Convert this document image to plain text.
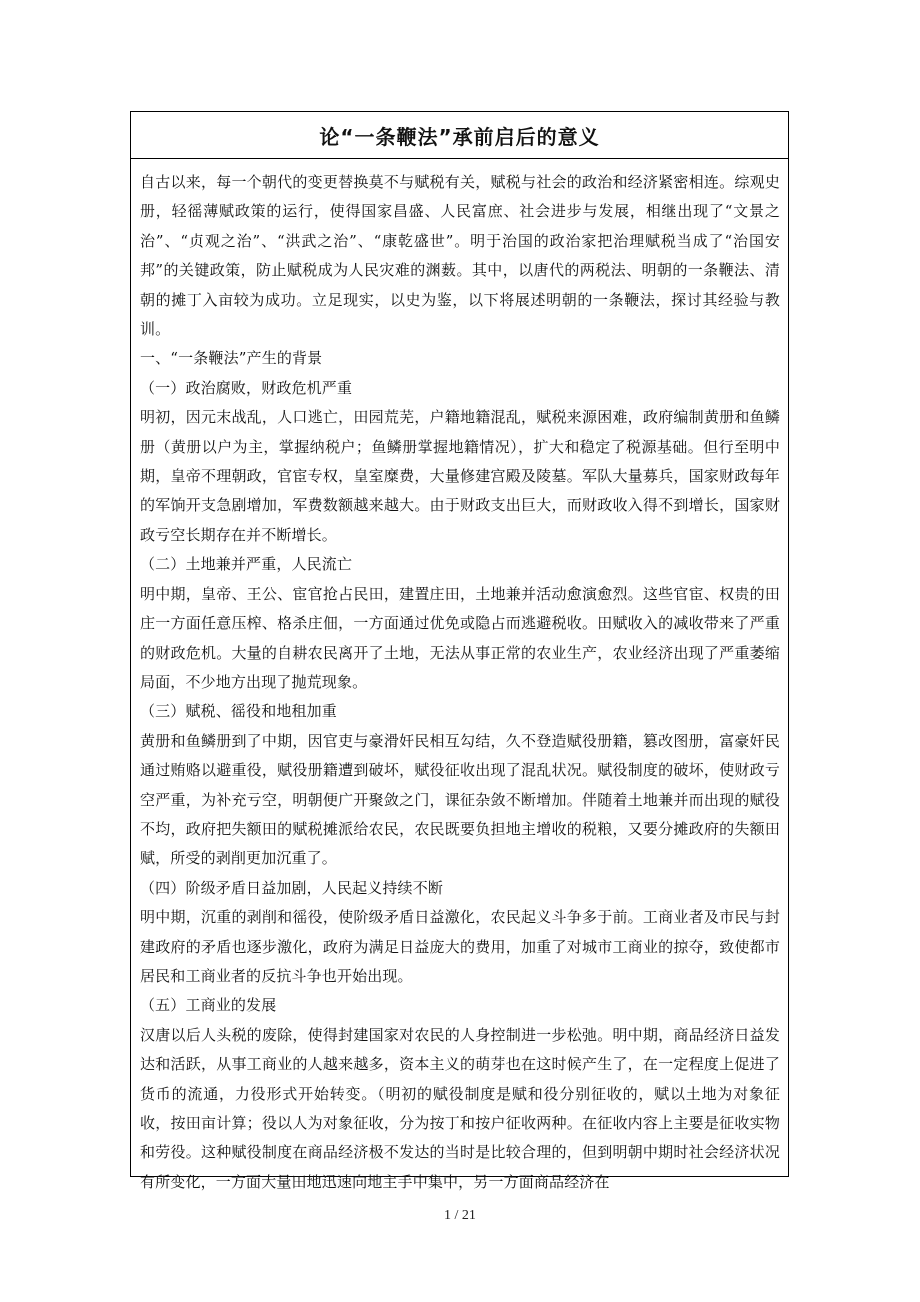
论“一条鞭法”承前启后的意义

自古以来，每一个朝代的变更替换莫不与赋税有关，赋税与社会的政治和经济紧密相连。综观史册，轻徭薄赋政策的运行，使得国家昌盛、人民富庶、社会进步与发展，相继出现了“文景之治”、“贞观之治”、“洪武之治”、“康乾盛世”。明于治国的政治家把治理赋税当成了“治国安邦”的关键政策，防止赋税成为人民灾难的渊薮。其中，以唐代的两税法、明朝的一条鞭法、清朝的摊丁入亩较为成功。立足现实，以史为鉴，以下将展述明朝的一条鞭法，探讨其经验与教训。

一、“一条鞭法”产生的背景

（一）政治腐败，财政危机严重

明初，因元末战乱，人口逃亡，田园荒芜，户籍地籍混乱，赋税来源困难，政府编制黄册和鱼鳞册（黄册以户为主，掌握纳税户；鱼鳞册掌握地籍情况），扩大和稳定了税源基础。但行至明中期，皇帝不理朝政，官宦专权，皇室糜费，大量修建宫殿及陵墓。军队大量募兵，国家财政每年的军饷开支急剧增加，军费数额越来越大。由于财政支出巨大，而财政收入得不到增长，国家财政亏空长期存在并不断增长。

（二）土地兼并严重，人民流亡

明中期，皇帝、王公、宦官抢占民田，建置庄田，土地兼并活动愈演愈烈。这些官宦、权贵的田庄一方面任意压榨、格杀庄佃，一方面通过优免或隐占而逃避税收。田赋收入的减收带来了严重的财政危机。大量的自耕农民离开了土地，无法从事正常的农业生产，农业经济出现了严重萎缩局面，不少地方出现了抛荒现象。

（三）赋税、徭役和地租加重

黄册和鱼鳞册到了中期，因官吏与豪滑奸民相互勾结，久不登造赋役册籍，篡改图册，富豪奸民通过贿赂以避重役，赋役册籍遭到破坏，赋役征收出现了混乱状况。赋役制度的破坏，使财政亏空严重，为补充亏空，明朝便广开聚敛之门，课征杂敛不断增加。伴随着土地兼并而出现的赋役不均，政府把失额田的赋税摊派给农民，农民既要负担地主增收的税粮，又要分摊政府的失额田赋，所受的剥削更加沉重了。

（四）阶级矛盾日益加剧，人民起义持续不断

明中期，沉重的剥削和徭役，使阶级矛盾日益激化，农民起义斗争多于前。工商业者及市民与封建政府的矛盾也逐步激化，政府为满足日益庞大的费用，加重了对城市工商业的掠夺，致使都市居民和工商业者的反抗斗争也开始出现。

（五）工商业的发展

汉唐以后人头税的废除，使得封建国家对农民的人身控制进一步松弛。明中期，商品经济日益发达和活跃，从事工商业的人越来越多，资本主义的萌芽也在这时候产生了，在一定程度上促进了货币的流通，力役形式开始转变。（明初的赋役制度是赋和役分别征收的，赋以土地为对象征收，按田亩计算；役以人为对象征收，分为按丁和按户征收两种。在征收内容上主要是征收实物和劳役。这种赋役制度在商品经济极不发达的当时是比较合理的，但到明朝中期时社会经济状况有所变化，一方面大量田地迅速向地主手中集中，另一方面商品经济在

1 / 21
